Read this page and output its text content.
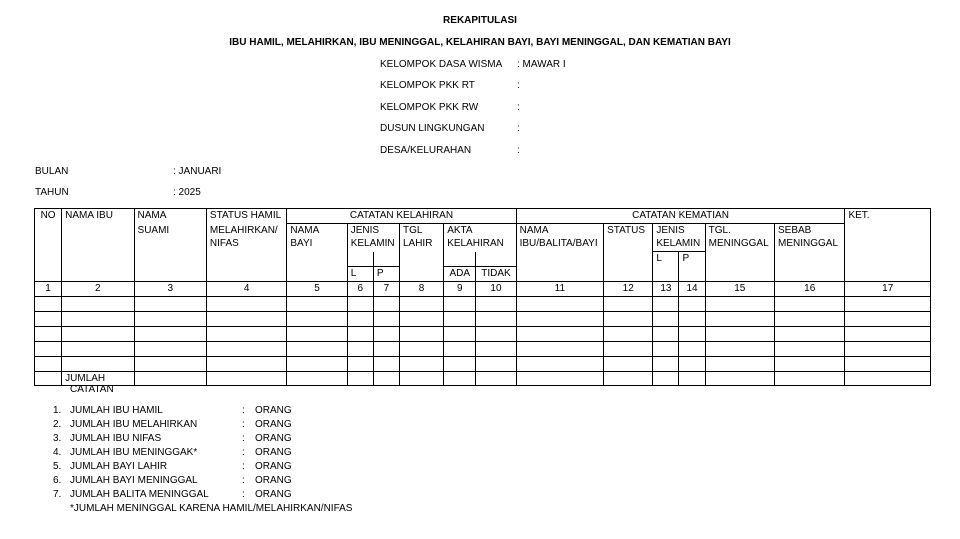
REKAPITULASI
IBU HAMIL, MELAHIRKAN, IBU MENINGGAL, KELAHIRAN BAYI, BAYI MENINGGAL, DAN KEMATIAN BAYI
KELOMPOK DASA WISMA : MAWAR I
KELOMPOK PKK RT	:
KELOMPOK PKK RW	:
DUSUN LINGKUNGAN	:
DESA/KELURAHAN	:
BULAN	: JANUARI
TAHUN	: 2025
NO	NAMA IBU	NAMA	STATUS HAMIL	CATATAN KELAHIRAN						CATATAN KEMATIAN						KET.
		SUAMI	MELAHIRKAN/	NAMA	JENIS		TGL	AKTA		NAMA	STATUS	JENIS		TGL.	SEBAB	
			NIFAS	BAYI	KELAMIN		LAHIR	KELAHIRAN		IBU/BALITA/BAYI		KELAMIN		MENINGGAL	MENINGGAL	
												L	P			
					L	P		ADA	TIDAK							
1	2	3	4	5	6	7	8	9	10	11	12	13	14	15	16	17

	JUMLAH															
CATATAN
1. JUMLAH IBU HAMIL	: ORANG
2. JUMLAH IBU MELAHIRKAN	: ORANG
3. JUMLAH IBU NIFAS	: ORANG
4. JUMLAH IBU MENINGGAK*	: ORANG
5. JUMLAH BAYI LAHIR	: ORANG
6. JUMLAH BAYI MENINGGAL	: ORANG
7. JUMLAH BALITA MENINGGAL	: ORANG
*JUMLAH MENINGGAL KARENA HAMIL/MELAHIRKAN/NIFAS
